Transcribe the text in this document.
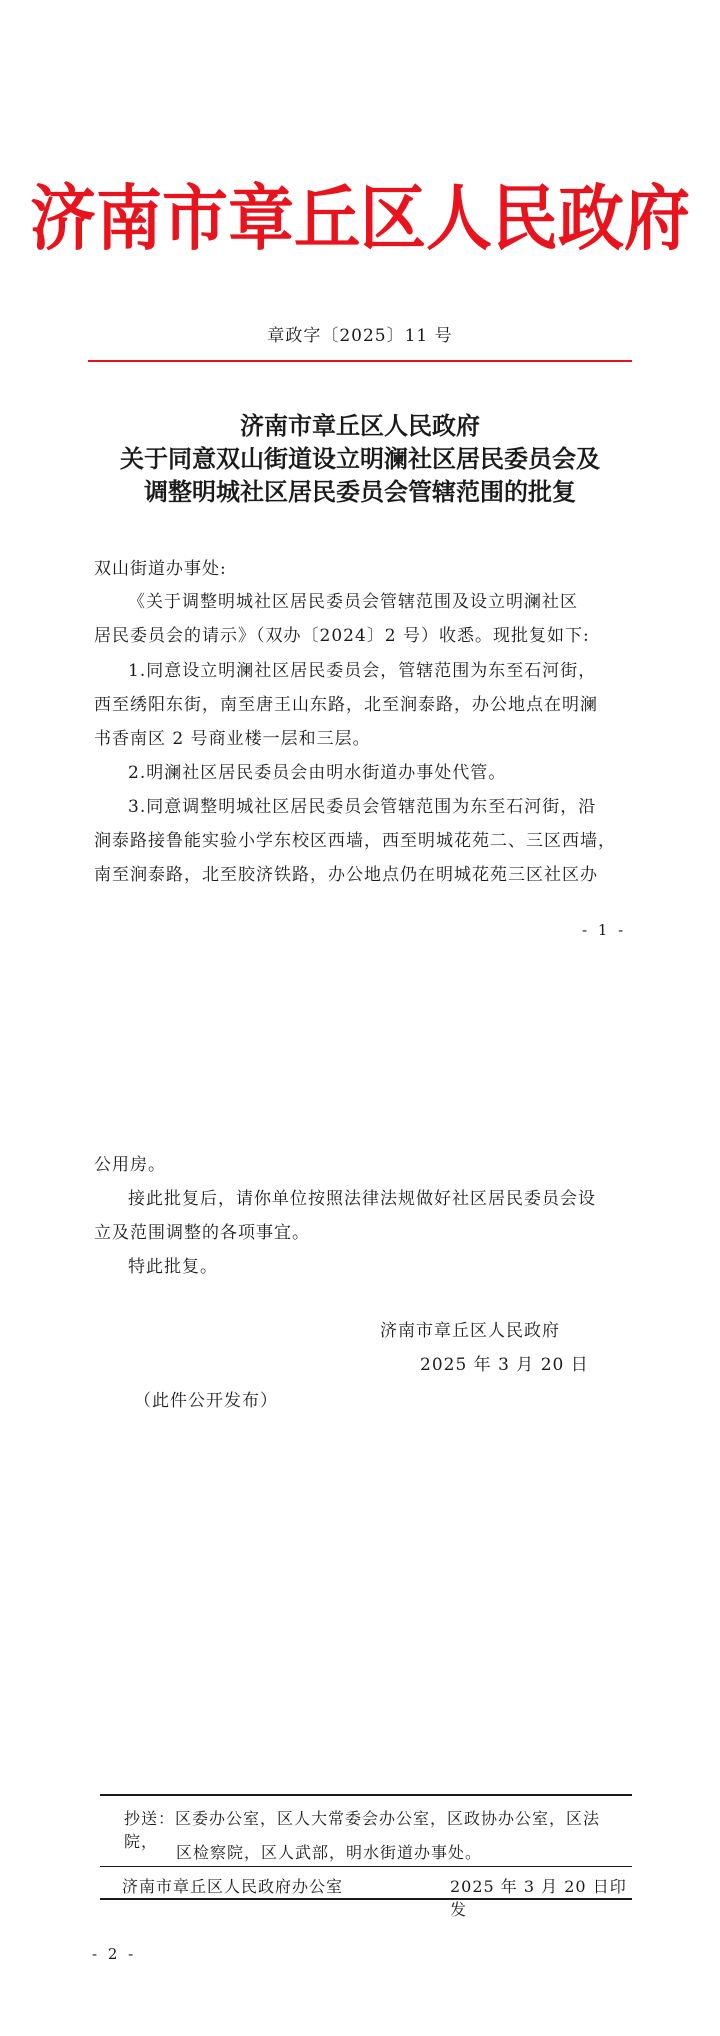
济南市章丘区人民政府
章政字〔2025〕11 号
济南市章丘区人民政府
关于同意双山街道设立明澜社区居民委员会及
调整明城社区居民委员会管辖范围的批复
双山街道办事处:
《关于调整明城社区居民委员会管辖范围及设立明澜社区
居民委员会的请示》（双办〔2024〕2 号）收悉。现批复如下:
1.同意设立明澜社区居民委员会，管辖范围为东至石河街，
西至绣阳东街，南至唐王山东路，北至涧泰路，办公地点在明澜
书香南区 2 号商业楼一层和三层。
2.明澜社区居民委员会由明水街道办事处代管。
3.同意调整明城社区居民委员会管辖范围为东至石河街，沿
涧泰路接鲁能实验小学东校区西墙，西至明城花苑二、三区西墙，
南至涧泰路，北至胶济铁路，办公地点仍在明城花苑三区社区办
- 1 -
公用房。
接此批复后，请你单位按照法律法规做好社区居民委员会设
立及范围调整的各项事宜。
特此批复。
济南市章丘区人民政府
2025 年 3 月 20 日
（此件公开发布）
抄送：区委办公室，区人大常委会办公室，区政协办公室，区法院，
区检察院，区人武部，明水街道办事处。
济南市章丘区人民政府办公室	2025 年 3 月 20 日印发
- 2 -
